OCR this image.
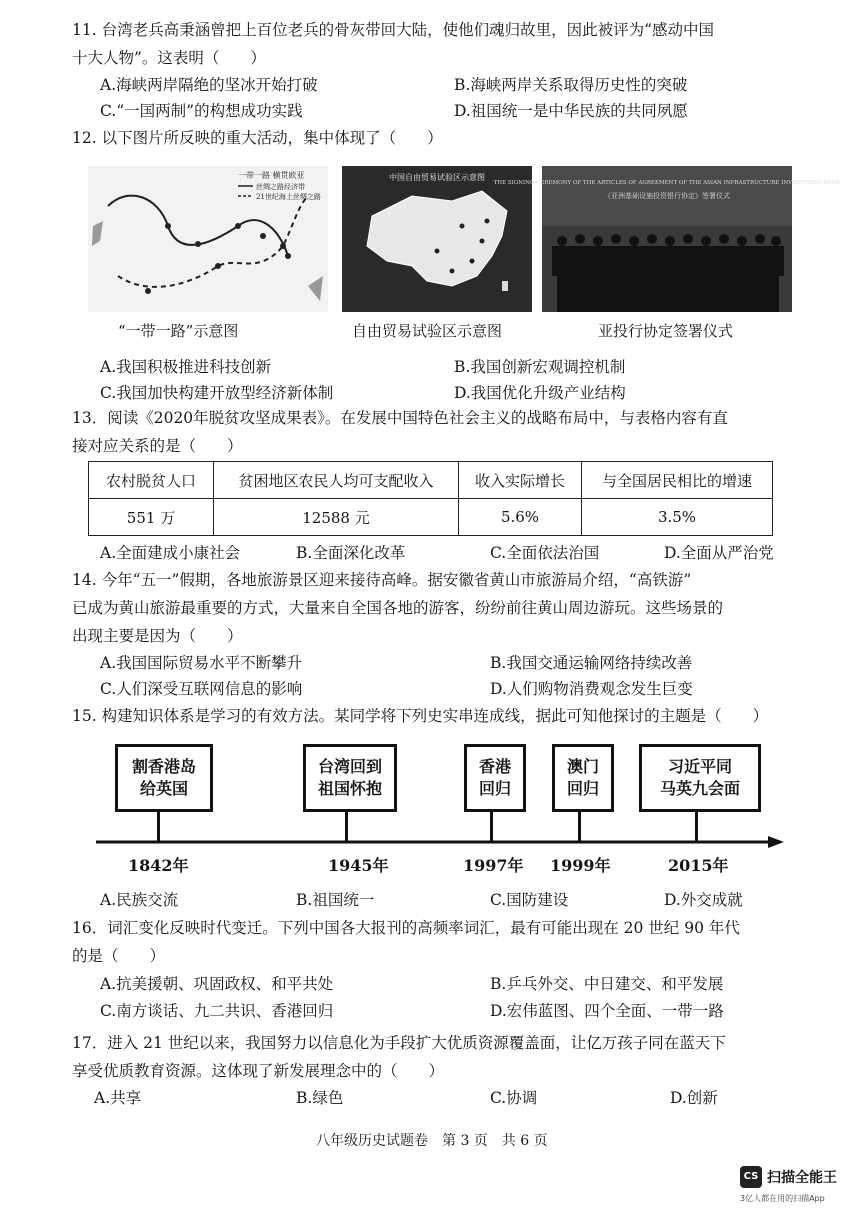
11. 台湾老兵高秉涵曾把上百位老兵的骨灰带回大陆，使他们魂归故里，因此被评为“感动中国
十大人物”。这表明（　　）
A.海峡两岸隔绝的坚冰开始打破	B.海峡两岸关系取得历史性的突破
C.“一国两制”的构想成功实践	D.祖国统一是中华民族的共同夙愿
12. 以下图片所反映的重大活动，集中体现了（　　）
一带一路 横贯欧亚
丝绸之路经济带
21世纪海上丝绸之路
中国自由贸易试验区示意图
THE SIGNING CEREMONY OF THE ARTICLES OF AGREEMENT OF THE ASIAN INFRASTRUCTURE INVESTMENT BANK
《亚洲基础设施投资银行协定》签署仪式
“一带一路”示意图	自由贸易试验区示意图	亚投行协定签署仪式
A.我国积极推进科技创新	B.我国创新宏观调控机制
C.我国加快构建开放型经济新体制	D.我国优化升级产业结构
13．阅读《2020年脱贫攻坚成果表》。在发展中国特色社会主义的战略布局中，与表格内容有直
接对应关系的是（　　）
农村脱贫人口	贫困地区农民人均可支配收入	收入实际增长	与全国居民相比的增速
551 万	12588 元	5.6%	3.5%
A.全面建成小康社会	B.全面深化改革	C.全面依法治国	D.全面从严治党
14. 今年“五一”假期，各地旅游景区迎来接待高峰。据安徽省黄山市旅游局介绍，“高铁游”
已成为黄山旅游最重要的方式，大量来自全国各地的游客，纷纷前往黄山周边游玩。这些场景的
出现主要是因为（　　）
A.我国国际贸易水平不断攀升	B.我国交通运输网络持续改善
C.人们深受互联网信息的影响	D.人们购物消费观念发生巨变
15. 构建知识体系是学习的有效方法。某同学将下列史实串连成线，据此可知他探讨的主题是（　　）
割香港岛
给英国
台湾回到
祖国怀抱
香港
回归
澳门
回归
习近平同
马英九会面
1842年	1945年	1997年 1999年	2015年
A.民族交流	B.祖国统一	C.国防建设	D.外交成就
16．词汇变化反映时代变迁。下列中国各大报刊的高频率词汇，最有可能出现在 20 世纪 90 年代
的是（　　）
A.抗美援朝、巩固政权、和平共处	B.乒乓外交、中日建交、和平发展
C.南方谈话、九二共识、香港回归	D.宏伟蓝图、四个全面、一带一路
17．进入 21 世纪以来，我国努力以信息化为手段扩大优质资源覆盖面，让亿万孩子同在蓝天下
享受优质教育资源。这体现了新发展理念中的（　　）
A.共享	B.绿色	C.协调	D.创新
八年级历史试题卷　第 3 页　共 6 页
CS 扫描全能王
3亿人都在用的扫描App
